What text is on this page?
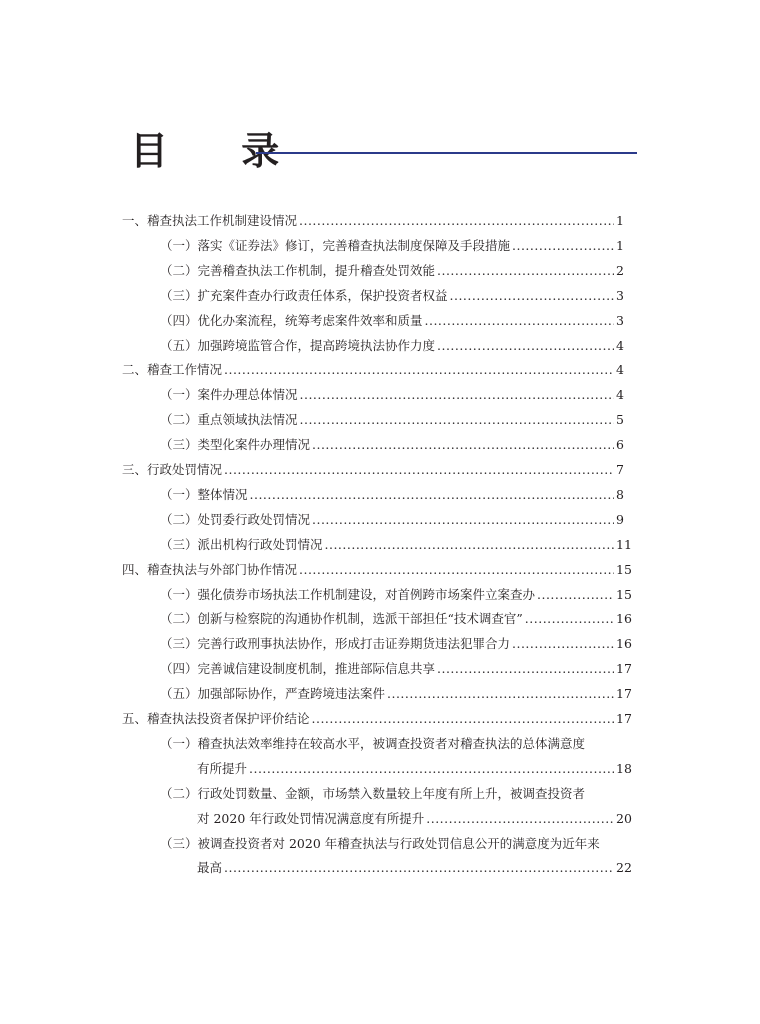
目 录
一、稽查执法工作机制建设情况 .....	1
（一）落实《证券法》修订，完善稽查执法制度保障及手段措施 .....	1
（二）完善稽查执法工作机制，提升稽查处罚效能 .....	2
（三）扩充案件查办行政责任体系，保护投资者权益 .....	3
（四）优化办案流程，统筹考虑案件效率和质量 .....	3
（五）加强跨境监管合作，提高跨境执法协作力度 .....	4
二、稽查工作情况 .....	4
（一）案件办理总体情况 .....	4
（二）重点领域执法情况 .....	5
（三）类型化案件办理情况 .....	6
三、行政处罚情况 .....	7
（一）整体情况 .....	8
（二）处罚委行政处罚情况 .....	9
（三）派出机构行政处罚情况 .....	11
四、稽查执法与外部门协作情况 .....	15
（一）强化债券市场执法工作机制建设，对首例跨市场案件立案查办 .....	15
（二）创新与检察院的沟通协作机制，选派干部担任“技术调查官” .....	16
（三）完善行政刑事执法协作，形成打击证券期货违法犯罪合力 .....	16
（四）完善诚信建设制度机制，推进部际信息共享 .....	17
（五）加强部际协作，严查跨境违法案件 .....	17
五、稽查执法投资者保护评价结论 .....	17
（一）稽查执法效率维持在较高水平，被调查投资者对稽查执法的总体满意度
有所提升 .....	18
（二）行政处罚数量、金额，市场禁入数量较上年度有所上升，被调查投资者
对 2020 年行政处罚情况满意度有所提升 .....	20
（三）被调查投资者对 2020 年稽查执法与行政处罚信息公开的满意度为近年来
最高 .....	22
